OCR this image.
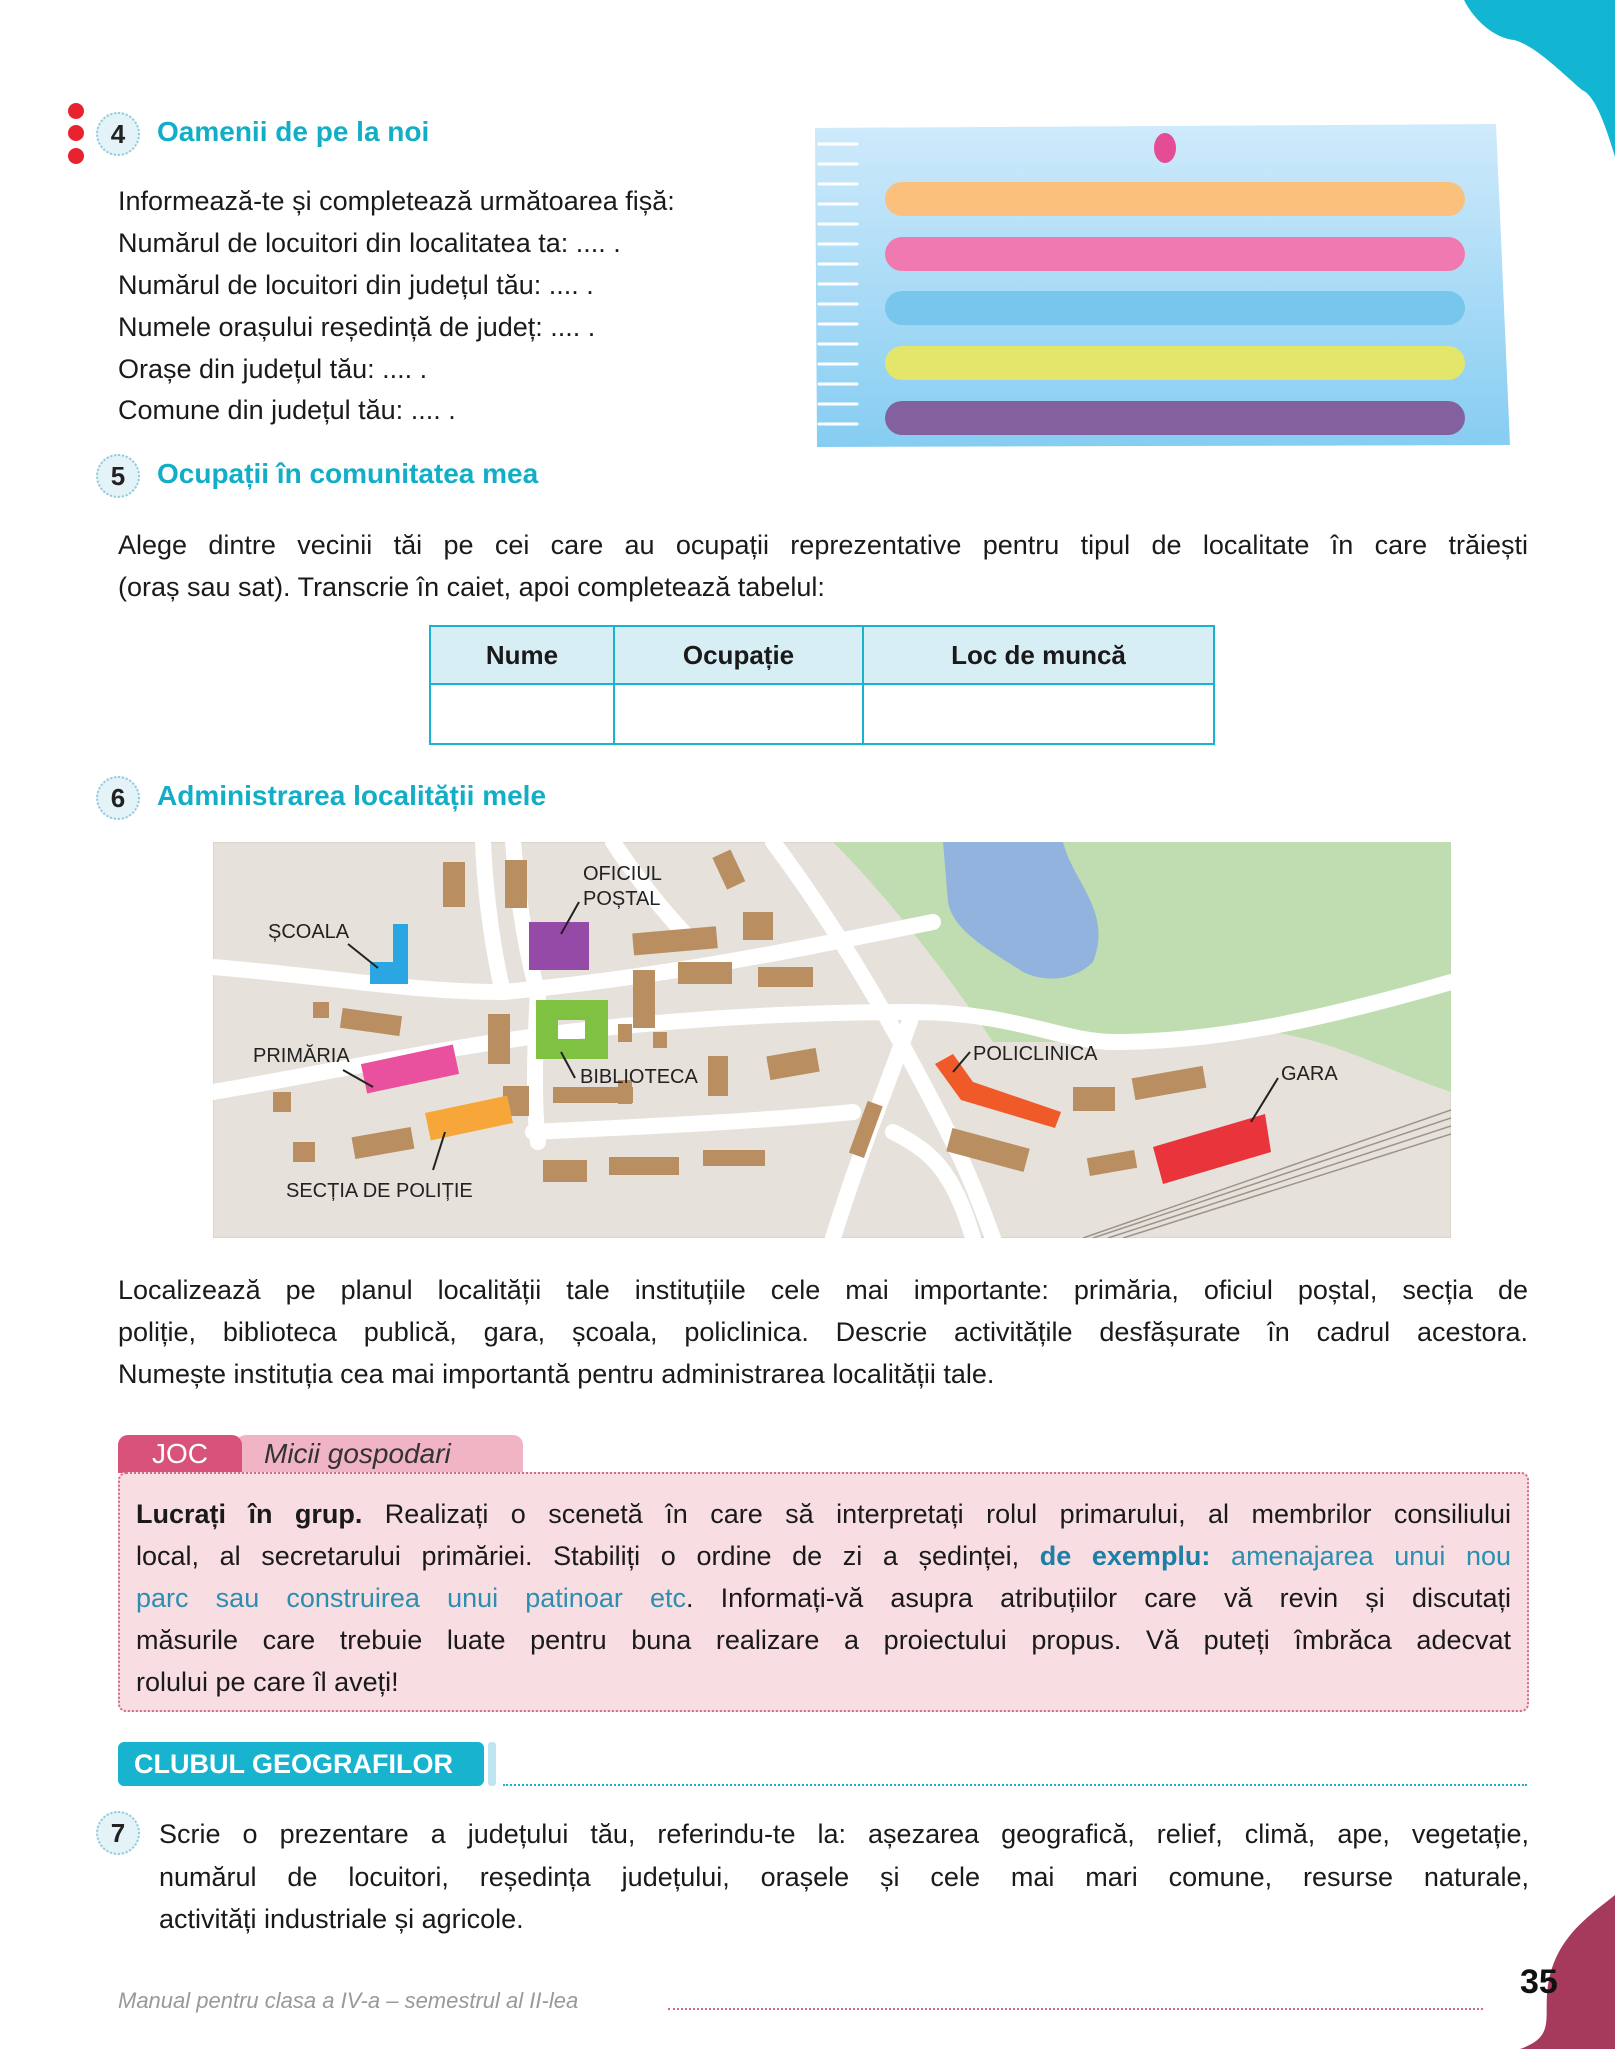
4	Oamenii de pe la noi
Informează-te și completează următoarea fișă:
Numărul de locuitori din localitatea ta: .... .
Numărul de locuitori din județul tău: .... .
Numele orașului reședință de județ: .... .
Orașe din județul tău: .... .
Comune din județul tău: .... .
5	Ocupații în comunitatea mea
Alege dintre vecinii tăi pe cei care au ocupații reprezentative pentru tipul de localitate în care trăiești
(oraș sau sat). Transcrie în caiet, apoi completează tabelul:
Nume	Ocupație	Loc de muncă

6	Administrarea localității mele
ȘCOALA
OFICIUL
POȘTAL
PRIMĂRIA
BIBLIOTECA
POLICLINICA
GARA
SECȚIA DE POLIȚIE
Localizează pe planul localității tale instituțiile cele mai importante: primăria, oficiul poștal, secția de
poliție, biblioteca publică, gara, școala, policlinica. Descrie activitățile desfășurate în cadrul acestora.
Numește instituția cea mai importantă pentru administrarea localității tale.
Micii gospodari
JOC
Lucrați în grup. Realizați o scenetă în care să interpretați rolul primarului, al membrilor consiliului
local, al secretarului primăriei. Stabiliți o ordine de zi a ședinței, de exemplu: amenajarea unui nou
parc sau construirea unui patinoar etc. Informați-vă asupra atribuțiilor care vă revin și discutați
măsurile care trebuie luate pentru buna realizare a proiectului propus. Vă puteți îmbrăca adecvat
rolului pe care îl aveți!
CLUBUL GEOGRAFILOR
7	Scrie o prezentare a județului tău, referindu-te la: așezarea geografică, relief, climă, ape, vegetație,
numărul de locuitori, reședința județului, orașele și cele mai mari comune, resurse naturale,
activități industriale și agricole.
Manual pentru clasa a IV-a – semestrul al II-lea	35
